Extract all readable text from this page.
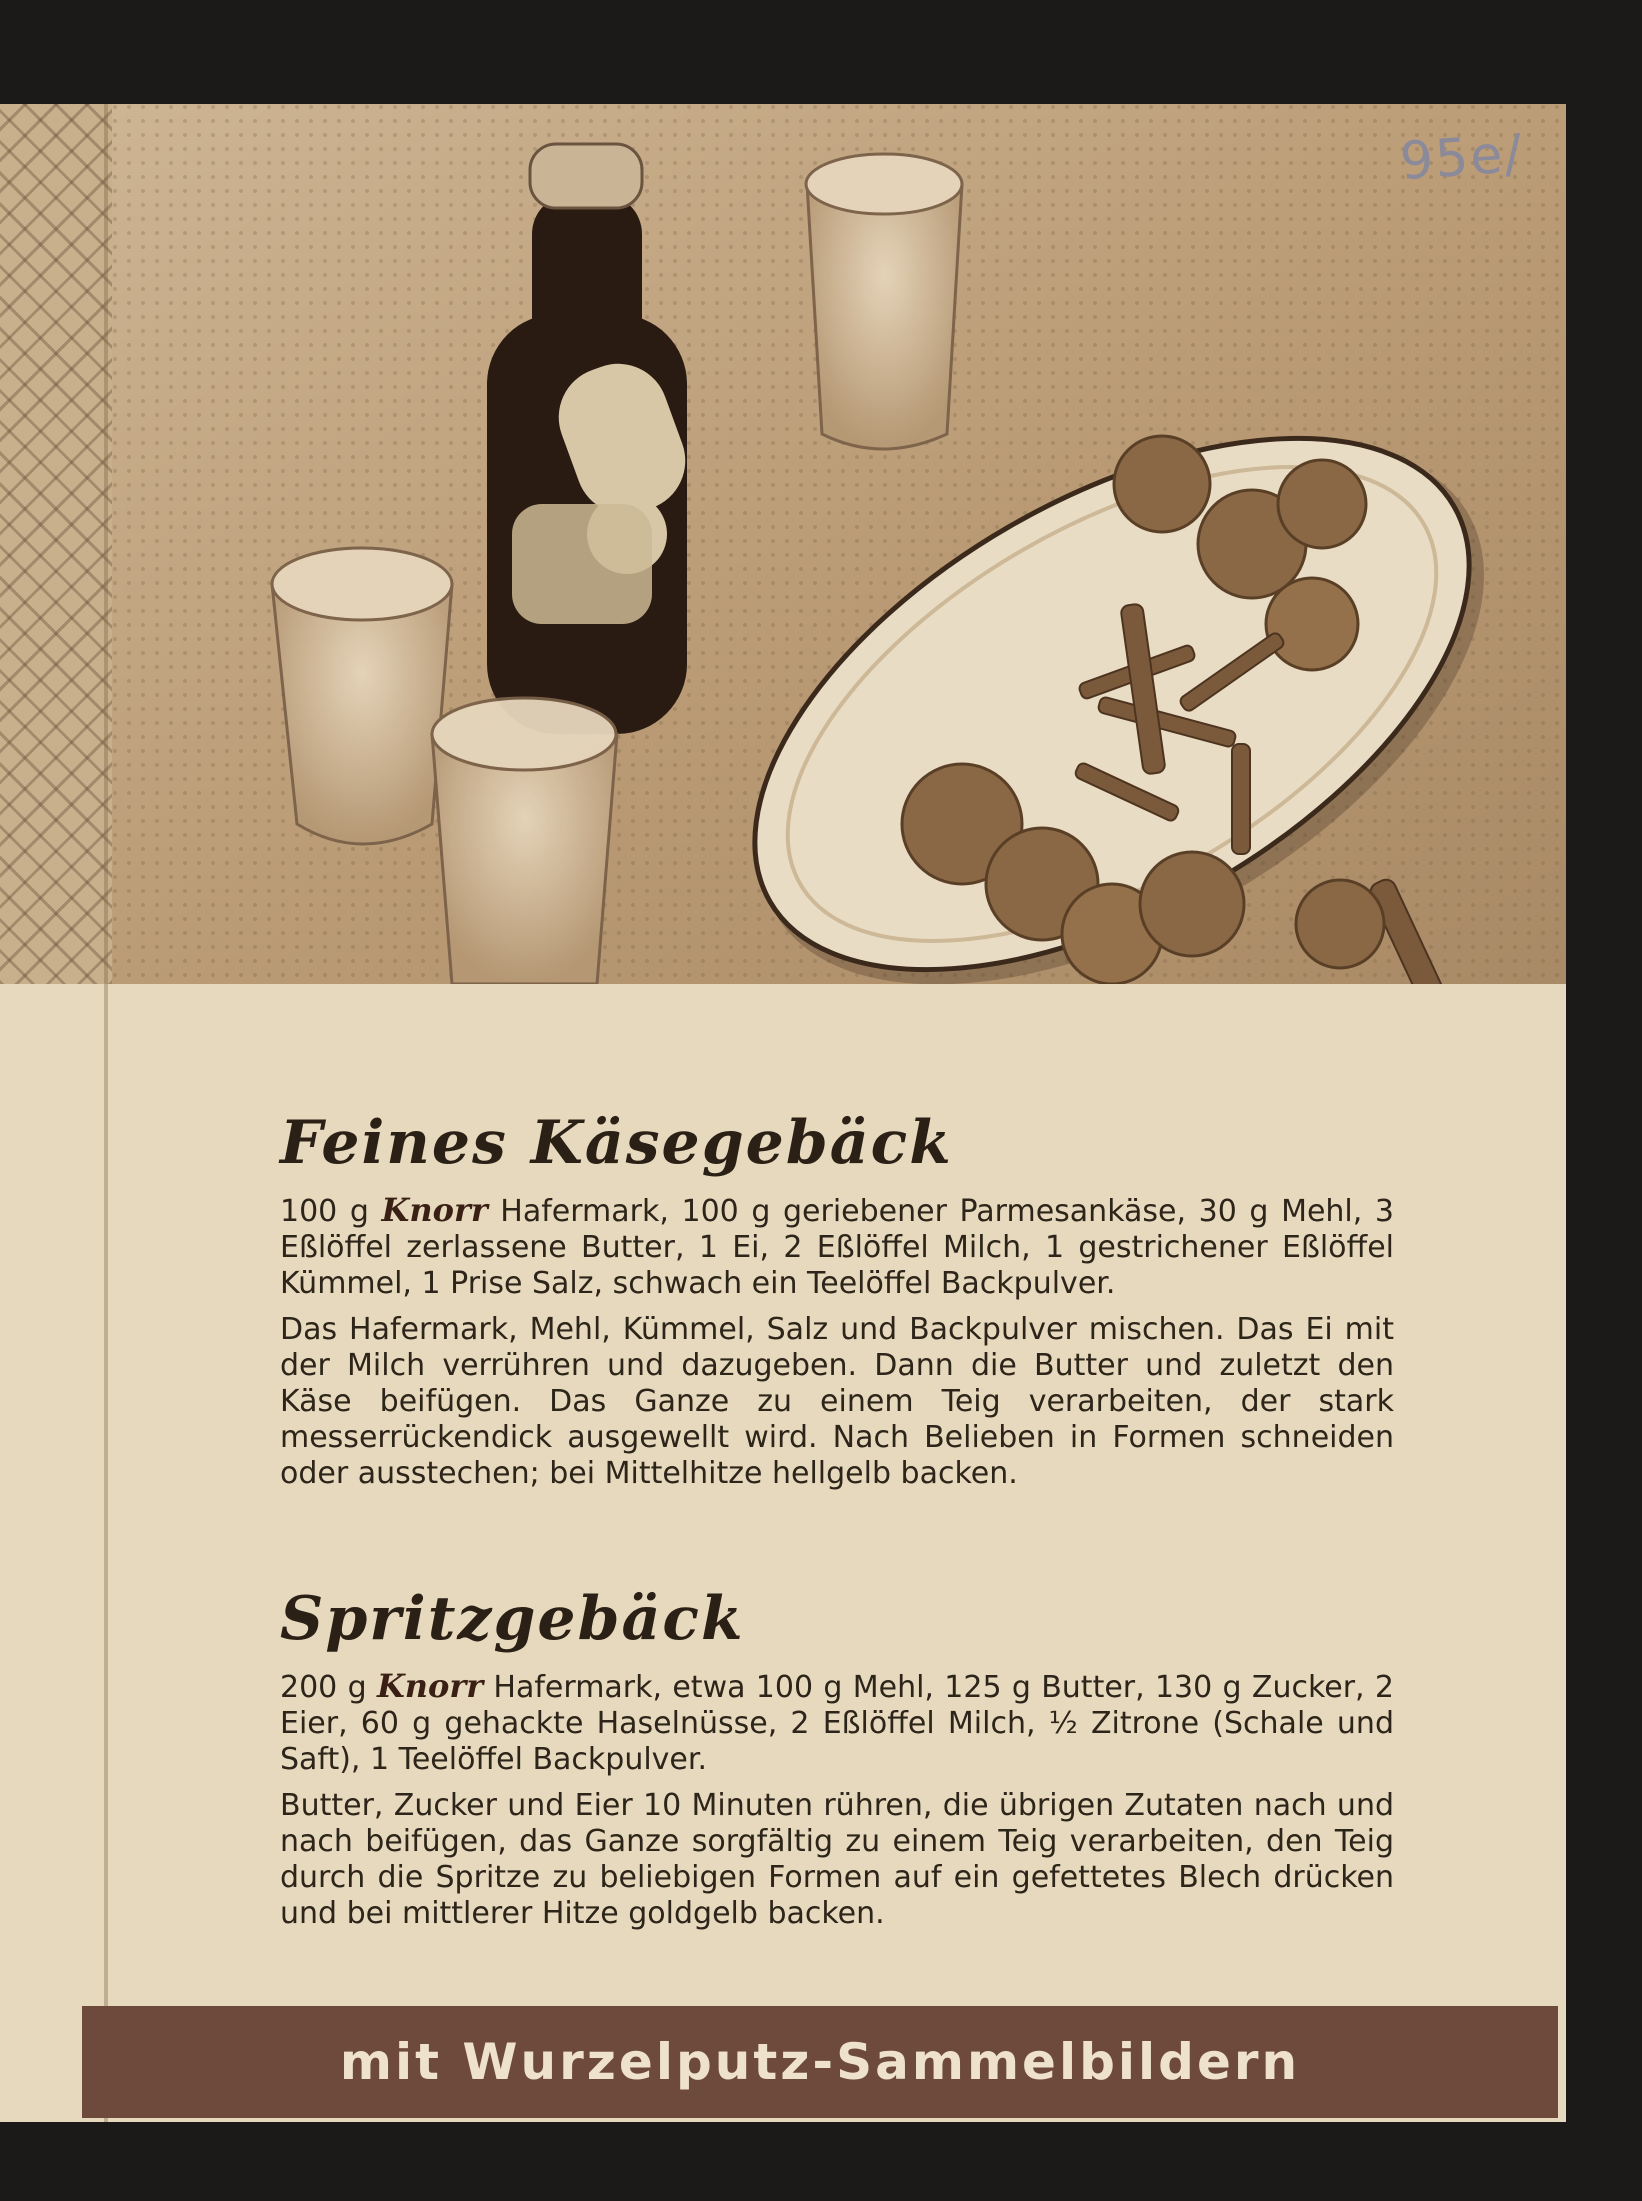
95e/
Feines Käsegebäck

100 g Knorr Hafermark, 100 g geriebener Parmesankäse, 30 g Mehl, 3 Eßlöffel zerlassene Butter, 1 Ei, 2 Eßlöffel Milch, 1 gestrichener Eßlöffel Kümmel, 1 Prise Salz, schwach ein Teelöffel Backpulver.

Das Hafermark, Mehl, Kümmel, Salz und Backpulver mischen. Das Ei mit der Milch verrühren und dazugeben. Dann die Butter und zuletzt den Käse beifügen. Das Ganze zu einem Teig verarbeiten, der stark messerrückendick ausgewellt wird. Nach Belieben in Formen schneiden oder ausstechen; bei Mittelhitze hellgelb backen.

Spritzgebäck

200 g Knorr Hafermark, etwa 100 g Mehl, 125 g Butter, 130 g Zucker, 2 Eier, 60 g gehackte Haselnüsse, 2 Eßlöffel Milch, ½ Zitrone (Schale und Saft), 1 Teelöffel Backpulver.

Butter, Zucker und Eier 10 Minuten rühren, die übrigen Zutaten nach und nach beifügen, das Ganze sorgfältig zu einem Teig verarbeiten, den Teig durch die Spritze zu beliebigen Formen auf ein gefettetes Blech drücken und bei mittlerer Hitze goldgelb backen.

mit Wurzelputz-Sammelbildern
